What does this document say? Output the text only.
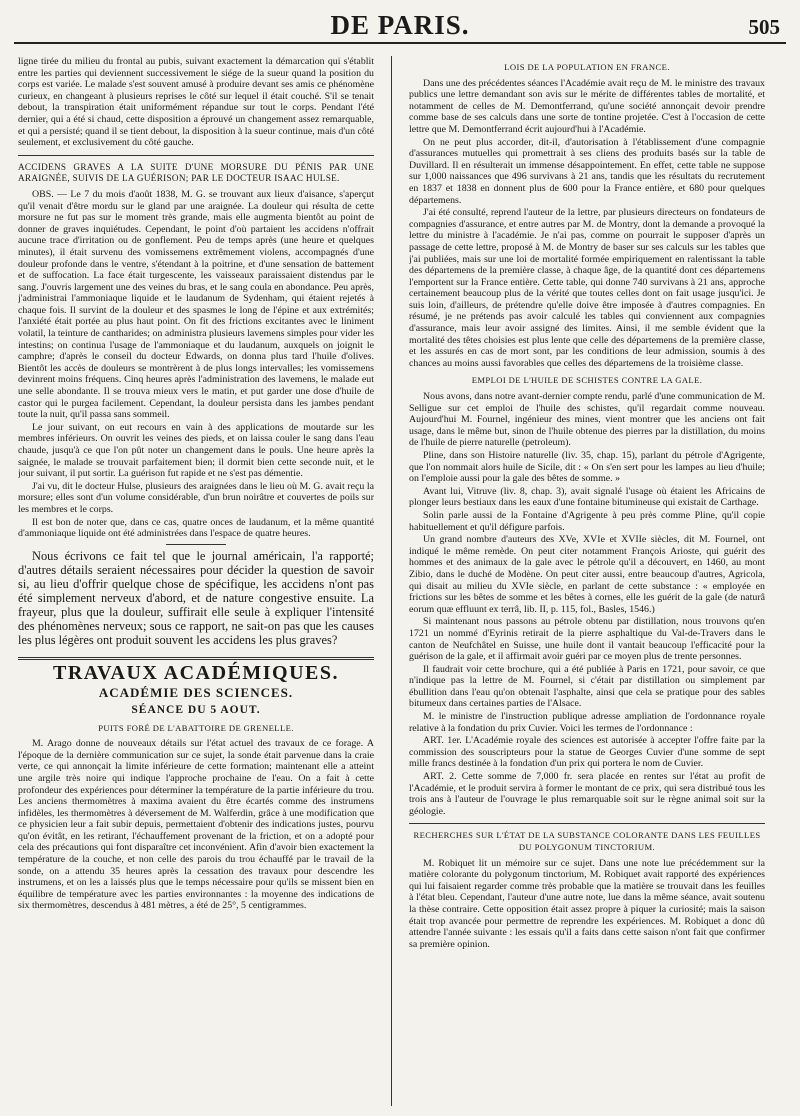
DE PARIS.	505

ligne tirée du milieu du frontal au pubis, suivant exactement la démarcation qui s'établit entre les parties qui deviennent successivement le siége de la sueur quand la position du corps est variée. Le malade s'est souvent amusé à produire devant ses amis ce phénomène curieux, en changeant à plusieurs reprises le côté sur lequel il était couché. S'il se tenait debout, la transpiration était uniformément répandue sur tout le corps. Pendant l'été dernier, qui a été si chaud, cette disposition a éprouvé un changement assez remarquable, et qui a persisté; quand il se tient debout, la disposition à la sueur continue, mais d'un côté seulement, et exclusivement du côté gauche.

ACCIDENS GRAVES A LA SUITE D'UNE MORSURE DU PÉNIS PAR UNE ARAIGNÉE, SUIVIS DE LA GUÉRISON; PAR LE DOCTEUR ISAAC HULSE.

OBS. — Le 7 du mois d'août 1838, M. G. se trouvant aux lieux d'aisance, s'aperçut qu'il venait d'être mordu sur le gland par une araignée. La douleur qui résulta de cette morsure ne fut pas sur le moment très grande, mais elle augmenta bientôt au point de donner de graves inquiétudes. Cependant, le point d'où partaient les accidens n'offrait aucune trace d'irritation ou de gonflement. Peu de temps après (une heure et quelques minutes), il était survenu des vomissemens extrêmement violens, accompagnés d'une douleur profonde dans le ventre, s'étendant à la poitrine, et d'une sensation de battement et de suffocation. La face était turgescente, les vaisseaux paraissaient distendus par le sang. J'ouvris largement une des veines du bras, et le sang coula en abondance. Peu après, j'administrai l'ammoniaque liquide et le laudanum de Sydenham, qui étaient rejetés à chaque fois. Il survint de la douleur et des spasmes le long de l'épine et aux extrémités; l'anxiété était portée au plus haut point. On fit des frictions excitantes avec le liniment volatil, la teinture de cantharides; on administra plusieurs lavemens simples pour vider les intestins; on continua l'usage de l'ammoniaque et du laudanum, auxquels on joignit le camphre; d'après le conseil du docteur Edwards, on donna plus tard l'huile d'olives. Bientôt les accès de douleurs se montrèrent à de plus longs intervalles; les vomissemens devinrent moins fréquens. Cinq heures après l'administration des lavemens, le malade eut une selle abondante. Il se trouva mieux vers le matin, et put garder une dose d'huile de castor qui le purgea facilement. Cependant, la douleur persista dans les jambes pendant toute la nuit, qu'il passa sans sommeil.

Le jour suivant, on eut recours en vain à des applications de moutarde sur les membres inférieurs. On ouvrit les veines des pieds, et on laissa couler le sang dans l'eau chaude, jusqu'à ce que l'on pût noter un changement dans le pouls. Une heure après la saignée, le malade se trouvait parfaitement bien; il dormit bien cette seconde nuit, et le jour suivant, il put sortir. La guérison fut rapide et ne s'est pas démentie.

J'ai vu, dit le docteur Hulse, plusieurs des araignées dans le lieu où M. G. avait reçu la morsure; elles sont d'un volume considérable, d'un brun noirâtre et couvertes de poils sur les membres et le corps.

Il est bon de noter que, dans ce cas, quatre onces de laudanum, et la même quantité d'ammoniaque liquide ont été administrées dans l'espace de quatre heures.

Nous écrivons ce fait tel que le journal américain, l'a rapporté; d'autres détails seraient nécessaires pour décider la question de savoir si, au lieu d'offrir quelque chose de spécifique, les accidens n'ont pas été simplement nerveux d'abord, et de nature congestive ensuite. La frayeur, plus que la douleur, suffirait elle seule à expliquer l'intensité des phénomènes nerveux; sous ce rapport, ne sait-on pas que les causes les plus légères ont produit souvent les accidens les plus graves?

TRAVAUX ACADÉMIQUES.
ACADÉMIE DES SCIENCES.
SÉANCE DU 5 AOUT.
PUITS FORÉ DE L'ABATTOIRE DE GRENELLE.

M. Arago donne de nouveaux détails sur l'état actuel des travaux de ce forage. A l'époque de la dernière communication sur ce sujet, la sonde était parvenue dans la craie verte, ce qui annonçait la limite inférieure de cette formation; maintenant elle a atteint une argile très noire qui indique l'approche prochaine de l'eau. On a fait à cette profondeur des expériences pour déterminer la température de la partie inférieure du trou. Les anciens thermomètres à maxima avaient du être écartés comme des instrumens infidèles, les thermomètres à déversement de M. Walferdin, grâce à une modification que ce physicien leur a fait subir depuis, permettaient d'obtenir des indications justes, pourvu qu'on évitât, en les retirant, l'échauffement provenant de la friction, et on a adopté pour cela des précautions qui font disparaître cet inconvénient. Afin d'avoir bien exactement la température de la couche, et non celle des parois du trou échauffé par le travail de la sonde, on a attendu 35 heures après la cessation des travaux pour descendre les instrumens, et on les a laissés plus que le temps nécessaire pour qu'ils se missent bien en équilibre de température avec les parties environnantes : la moyenne des indications de six thermomètres, descendus à 481 mètres, a été de 25°, 5 centigrammes.

LOIS DE LA POPULATION EN FRANCE.

Dans une des précédentes séances l'Académie avait reçu de M. le ministre des travaux publics une lettre demandant son avis sur le mérite de différentes tables de mortalité, et notamment de celles de M. Demontferrand, qu'une société annonçait devoir prendre comme base de ses calculs dans une sorte de tontine projetée. C'est à l'occasion de cette lettre que M. Demontferrand écrit aujourd'hui à l'Académie.

On ne peut plus accorder, dit-il, d'autorisation à l'établissement d'une compagnie d'assurances mutuelles qui promettrait à ses cliens des produits basés sur la table de Duvillard. Il en résulterait un immense désappointement. En effet, cette table ne suppose sur 1,000 naissances que 496 survivans à 21 ans, tandis que les résultats du recrutement en 1837 et 1838 en donnent plus de 600 pour la France entière, et 680 pour quelques départemens.

J'ai été consulté, reprend l'auteur de la lettre, par plusieurs directeurs on fondateurs de compagnies d'assurance, et entre autres par M. de Montry, dont la demande a provoqué la lettre du ministre à l'académie. Je n'ai pas, comme on pourrait le supposer d'après un passage de cette lettre, proposé à M. de Montry de baser sur ses calculs sur les tables que j'ai publiées, mais sur une loi de mortalité formée empiriquement en ralentissant la table des départemens de la première classe, à chaque âge, de la quantité dont ces départemens l'emportent sur la France entière. Cette table, qui donne 740 survivans à 21 ans, approche certainement beaucoup plus de la vérité que toutes celles dont on fait usage jusqu'ici. Je suis loin, d'ailleurs, de prétendre qu'elle doive être imposée à d'autres compagnies. En résumé, je ne prétends pas avoir calculé les tables qui conviennent aux compagnies d'assurance, mais leur avoir assigné des limites. Ainsi, il me semble évident que la mortalité des têtes choisies est plus lente que celle des départemens de la première classe, et les assurés en cas de mort sont, par les conditions de leur admission, soumis à des chances au moins aussi favorables que celles des départemens de la troisième classe.

EMPLOI DE L'HUILE DE SCHISTES CONTRE LA GALE.

Nous avons, dans notre avant-dernier compte rendu, parlé d'une communication de M. Selligue sur cet emploi de l'huile des schistes, qu'il regardait comme nouveau. Aujourd'hui M. Fournel, ingénieur des mines, vient montrer que les anciens ont fait usage, dans le même but, sinon de l'huile obtenue des pierres par la distillation, du moins de l'huile de pierre naturelle (petroleum).

Pline, dans son Histoire naturelle (liv. 35, chap. 15), parlant du pétrole d'Agrigente, que l'on nommait alors huile de Sicile, dit : « On s'en sert pour les lampes au lieu d'huile; on l'emploie aussi pour la gale des bêtes de somme. »

Avant lui, Vitruve (liv. 8, chap. 3), avait signalé l'usage où étaient les Africains de plonger leurs bestiaux dans les eaux d'une fontaine bitumineuse qui existait de Carthage.

Solin parle aussi de la Fontaine d'Agrigente à peu près comme Pline, qu'il copie habituellement et qu'il défigure parfois.

Un grand nombre d'auteurs des XVe, XVIe et XVIIe siècles, dit M. Fournel, ont indiqué le même remède. On peut citer notamment François Arioste, qui guérit des hommes et des animaux de la gale avec le pétrole qu'il a découvert, en 1460, au mont Zibio, dans le duché de Modène. On peut citer aussi, entre beaucoup d'autres, Agricola, qui disait au milieu du XVIe siècle, en parlant de cette substance : « employée en frictions sur les bêtes de somme et les bêtes à cornes, elle les guérit de la gale (de naturâ eorum quæ effluunt ex terrâ, lib. II, p. 115, fol., Basles, 1546.)

Si maintenant nous passons au pétrole obtenu par distillation, nous trouvons qu'en 1721 un nommé d'Eyrinis retirait de la pierre asphaltique du Val-de-Travers dans le canton de Neufchâtel en Suisse, une huile dont il vantait beaucoup l'efficacité pour la guérison de la gale, et il affirmait avoir guéri par ce moyen plus de trente personnes.

Il faudrait voir cette brochure, qui a été publiée à Paris en 1721, pour savoir, ce que n'indique pas la lettre de M. Fournel, si c'était par distillation ou simplement par ébullition dans l'eau qu'on obtenait l'asphalte, ainsi que cela se pratique pour des sables bitumeux dans certaines parties de l'Alsace.

M. le ministre de l'instruction publique adresse ampliation de l'ordonnance royale relative à la fondation du prix Cuvier. Voici les termes de l'ordonnance :

ART. 1er. L'Académie royale des sciences est autorisée à accepter l'offre faite par la commission des souscripteurs pour la statue de Georges Cuvier d'une somme de sept mille francs destinée à la fondation d'un prix qui portera le nom de Cuvier.

ART. 2. Cette somme de 7,000 fr. sera placée en rentes sur l'état au profit de l'Académie, et le produit servira à former le montant de ce prix, qui sera distribué tous les trois ans à l'auteur de l'ouvrage le plus remarquable soit sur le règne animal soit sur la géologie.

RECHERCHES SUR L'ÉTAT DE LA SUBSTANCE COLORANTE DANS LES FEUILLES DU POLYGONUM TINCTORIUM.

M. Robiquet lit un mémoire sur ce sujet. Dans une note lue précédemment sur la matière colorante du polygonum tinctorium, M. Robiquet avait rapporté des expériences qui lui faisaient regarder comme très probable que la matière se trouvait dans les feuilles à l'état bleu. Cependant, l'auteur d'une autre note, lue dans la même séance, avait soutenu la thèse contraire. Cette opposition était assez propre à piquer la curiosité; mais la saison était trop avancée pour permettre de reprendre les expériences. M. Robiquet a donc dû attendre l'année suivante : les essais qu'il a faits dans cette saison n'ont fait que confirmer sa première opinion.
